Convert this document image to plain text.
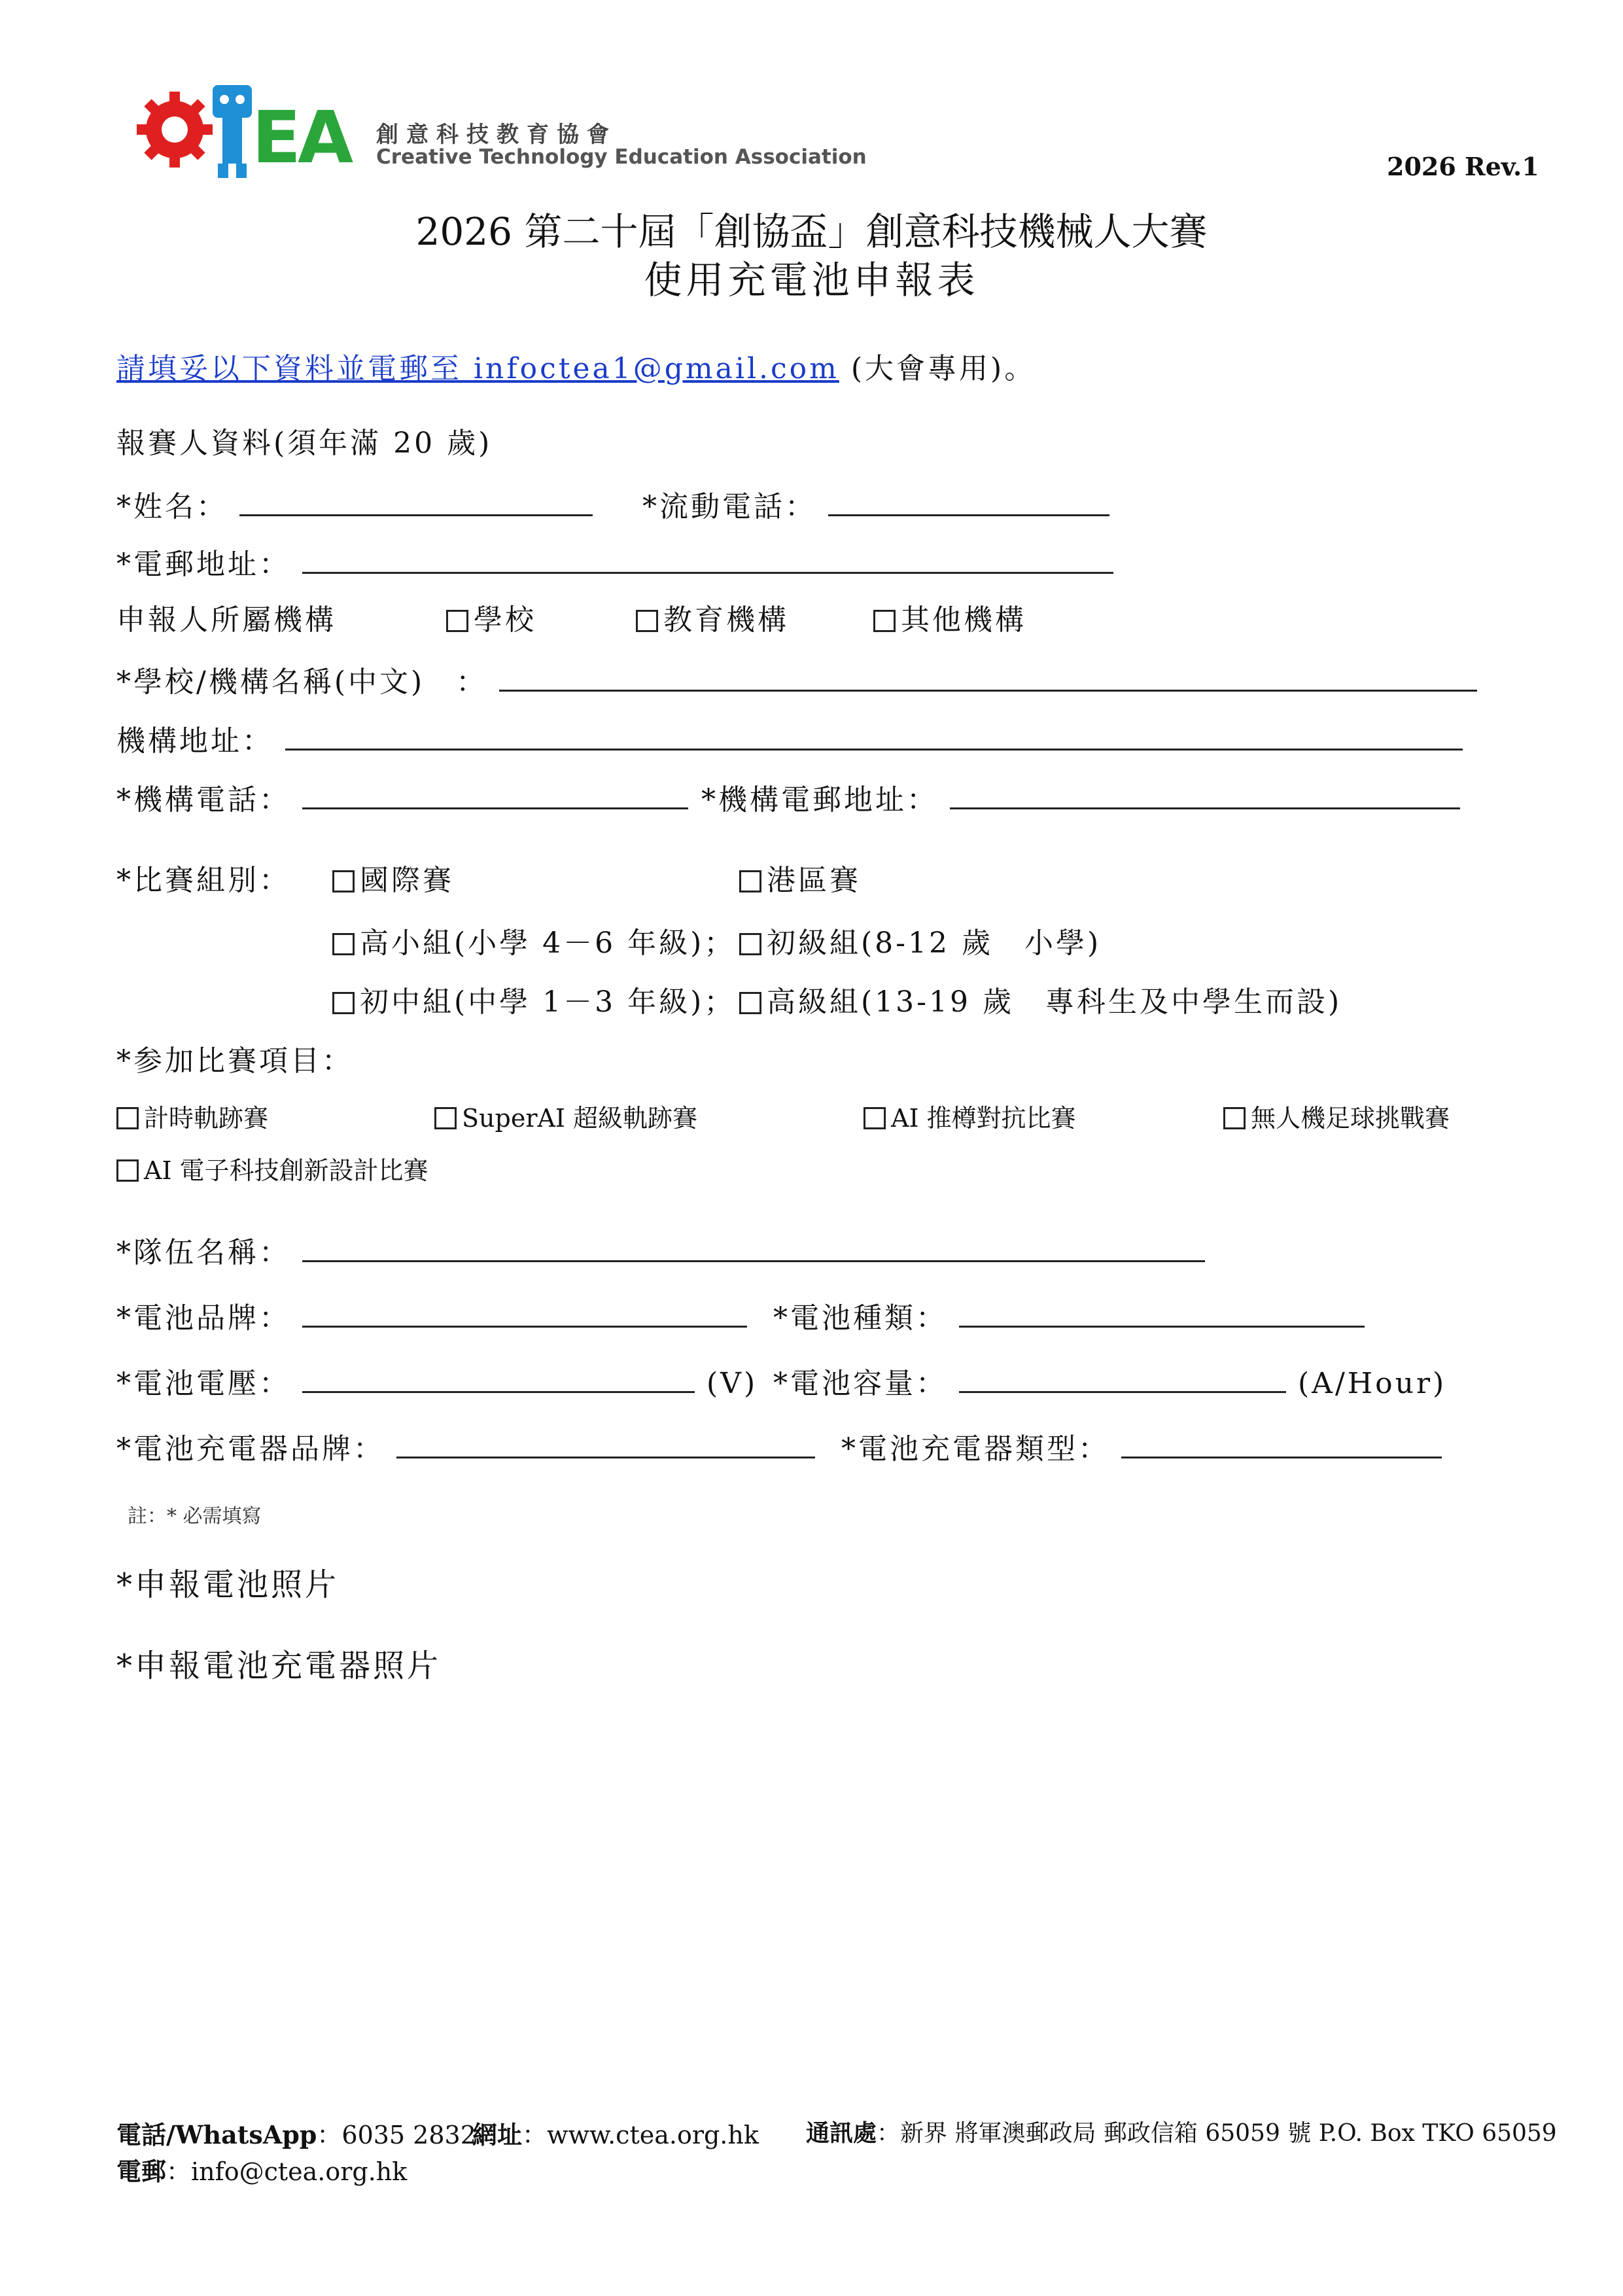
E
A 創意科技教育協會
Creative Technology Education Association	2026 Rev.1
2026 第二十屆「創協盃」創意科技機械人大賽
使用充電池申報表
請填妥以下資料並電郵至 infoctea1@gmail.com (大會專用)。
報賽人資料(須年滿 20 歲)
*姓名：	*流動電話：
*電郵地址：
申報人所屬機構	學校	教育機構	其他機構
*學校/機構名稱(中文)　：
機構地址：
*機構電話：	*機構電郵地址：
*比賽組別：	國際賽	港區賽
高小組(小學 4－6 年級)；	初級組(8-12 歲　小學)
初中組(中學 1－3 年級)；	高級組(13-19 歲　專科生及中學生而設)
*参加比賽項目：
計時軌跡賽	SuperAI 超級軌跡賽	AI 推樽對抗比賽	無人機足球挑戰賽
AI 電子科技創新設計比賽
*隊伍名稱：
*電池品牌：	*電池種類：
*電池電壓：	(V) *電池容量：	(A/Hour)
*電池充電器品牌：	*電池充電器類型：
註：* 必需填寫
*申報電池照片
*申報電池充電器照片
電話/WhatsApp：6035 2832
網址：www.ctea.org.hk 通訊處：新界 將軍澳郵政局 郵政信箱 65059 號 P.O. Box TKO 65059
電郵：info@ctea.org.hk
